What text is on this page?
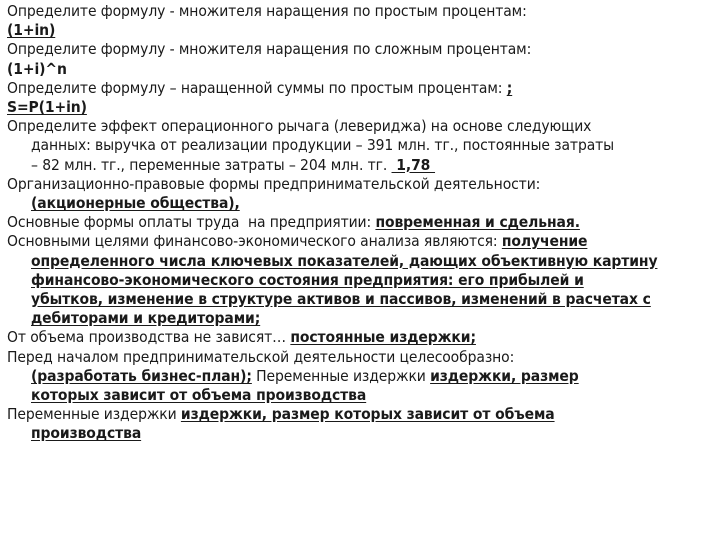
Определите формулу - множителя наращения по простым процентам:
(1+in)
Определите формулу - множителя наращения по сложным процентам:
(1+i)^n
Определите формулу – наращенной суммы по простым процентам: ;
S=P(1+in)
Определите эффект операционного рычага (левериджа) на основе следующих
данных: выручка от реализации продукции – 391 млн. тг., постоянные затраты
– 82 млн. тг., переменные затраты – 204 млн. тг.  1,78
Организационно-правовые формы предпринимательской деятельности:
(акционерные общества),
Основные формы оплаты труда  на предприятии: повременная и сдельная.
Основными целями финансово-экономического анализа являются: получение
определенного числа ключевых показателей, дающих объективную картину
финансово-экономического состояния предприятия: его прибылей и
убытков, изменение в структуре активов и пассивов, изменений в расчетах с
дебиторами и кредиторами;
От объема производства не зависят… постоянные издержки;
Перед началом предпринимательской деятельности целесообразно:
(разработать бизнес-план); Переменные издержки издержки, размер
которых зависит от объема производства
Переменные издержки издержки, размер которых зависит от объема
производства
